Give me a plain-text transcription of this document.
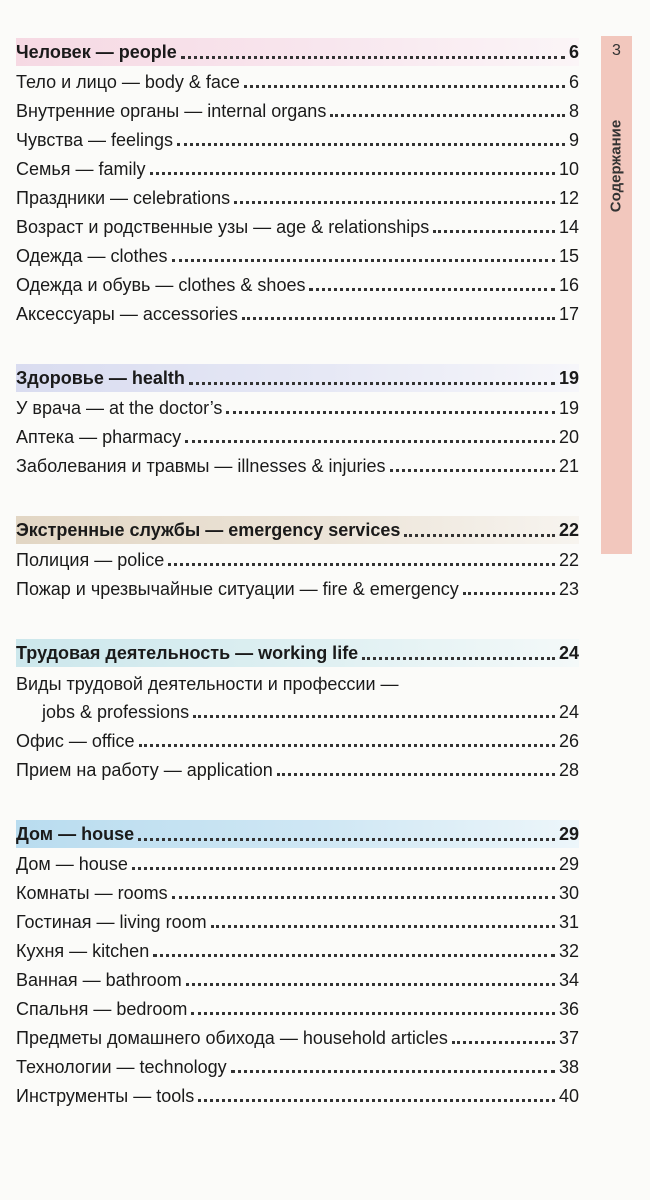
3
Содержание
Человек — people	6
Тело и лицо — body & face	6
Внутренние органы — internal organs	8
Чувства — feelings	9
Семья — family	10
Праздники — celebrations	12
Возраст и родственные узы — age & relationships	14
Одежда — clothes	15
Одежда и обувь — clothes & shoes	16
Аксессуары — accessories	17
Здоровье — health	19
У врача — at the doctor’s	19
Аптека — pharmacy	20
Заболевания и травмы — illnesses & injuries	21
Экстренные службы — emergency services	22
Полиция — police	22
Пожар и чрезвычайные ситуации — fire & emergency	23
Трудовая деятельность — working life	24
Виды трудовой деятельности и профессии —
jobs & professions	24
Офис — office	26
Прием на работу — application	28
Дом — house	29
Дом — house	29
Комнаты — rooms	30
Гостиная — living room	31
Кухня — kitchen	32
Ванная — bathroom	34
Спальня — bedroom	36
Предметы домашнего обихода — household articles	37
Технологии — technology	38
Инструменты — tools	40
